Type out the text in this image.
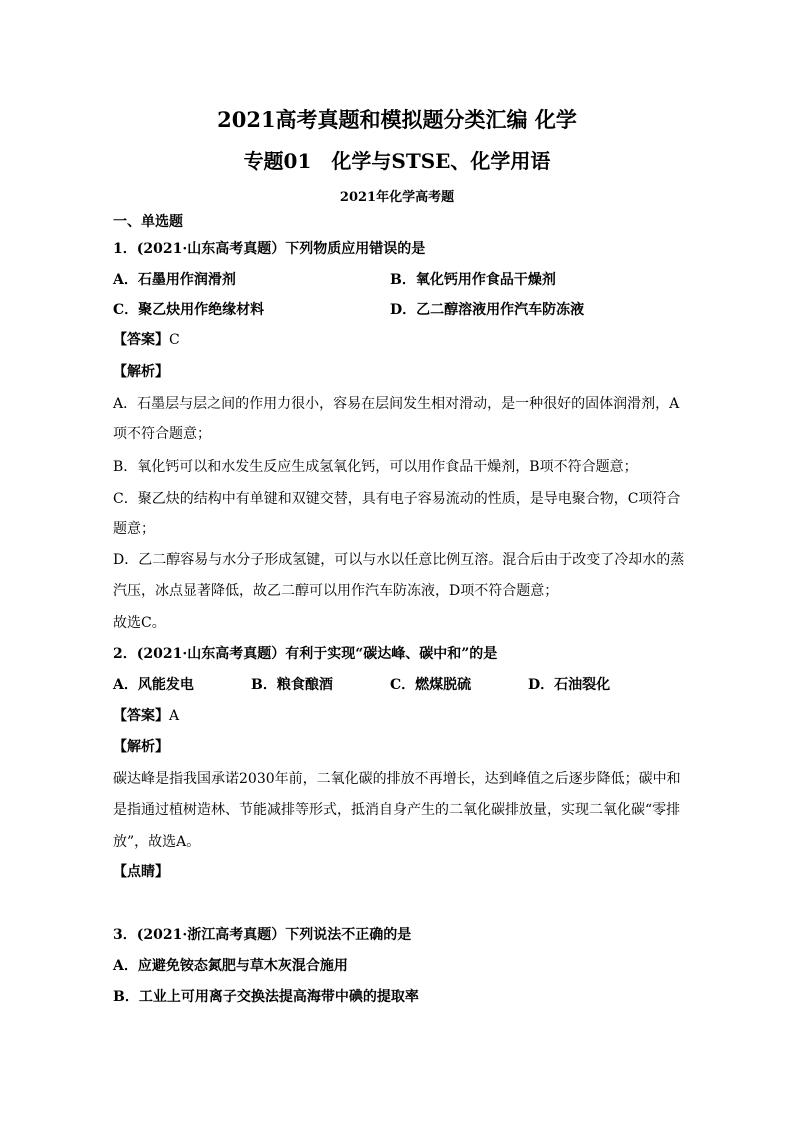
2021高考真题和模拟题分类汇编 化学
专题01　化学与STSE、化学用语
2021年化学高考题
一、单选题
1．(2021·山东高考真题）下列物质应用错误的是
A．石墨用作润滑剂	B．氧化钙用作食品干燥剂
C．聚乙炔用作绝缘材料	D．乙二醇溶液用作汽车防冻液
【答案】C
【解析】
A．石墨层与层之间的作用力很小，容易在层间发生相对滑动，是一种很好的固体润滑剂，A
项不符合题意；
B．氧化钙可以和水发生反应生成氢氧化钙，可以用作食品干燥剂，B项不符合题意；
C．聚乙炔的结构中有单键和双键交替，具有电子容易流动的性质，是导电聚合物，C项符合
题意；
D．乙二醇容易与水分子形成氢键，可以与水以任意比例互溶。混合后由于改变了冷却水的蒸
汽压，冰点显著降低，故乙二醇可以用作汽车防冻液，D项不符合题意；
故选C。
2．(2021·山东高考真题）有利于实现“碳达峰、碳中和”的是
A．风能发电	B．粮食酿酒	C．燃煤脱硫	D．石油裂化
【答案】A
【解析】
碳达峰是指我国承诺2030年前，二氧化碳的排放不再增长，达到峰值之后逐步降低；碳中和
是指通过植树造林、节能减排等形式，抵消自身产生的二氧化碳排放量，实现二氧化碳“零排
放”，故选A。
【点睛】
3．(2021·浙江高考真题）下列说法不正确的是
A．应避免铵态氮肥与草木灰混合施用
B．工业上可用离子交换法提高海带中碘的提取率
